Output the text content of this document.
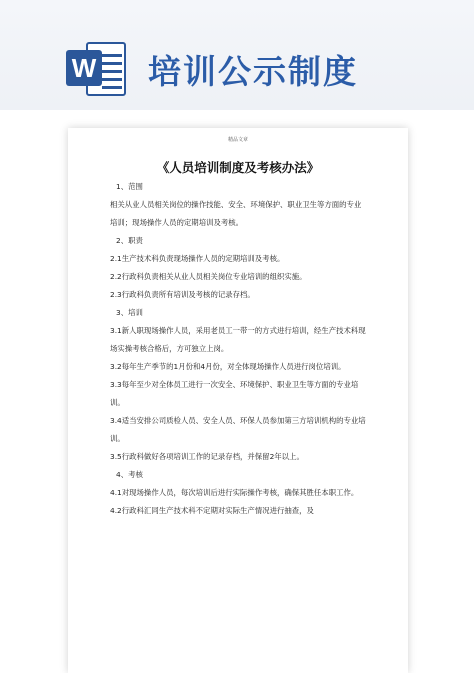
W 培训公示制度
精品文章
《人员培训制度及考核办法》

1、范围

相关从业人员相关岗位的操作技能、安全、环境保护、职业卫生等方面的专业培训；现场操作人员的定期培训及考核。

2、职责

2.1生产技术科负责现场操作人员的定期培训及考核。

2.2行政科负责相关从业人员相关岗位专业培训的组织实施。

2.3行政科负责所有培训及考核的记录存档。

3、培训

3.1新人职现场操作人员，采用老员工一带一的方式进行培训，经生产技术科现场实操考核合格后，方可独立上岗。

3.2每年生产季节的1月份和4月份，对全体现场操作人员进行岗位培训。

3.3每年至少对全体员工进行一次安全、环境保护、职业卫生等方面的专业培训。

3.4适当安排公司质检人员、安全人员、环保人员参加第三方培训机构的专业培训。

3.5行政科做好各项培训工作的记录存档，并保留2年以上。

4、考核

4.1对现场操作人员，每次培训后进行实际操作考核，确保其胜任本职工作。

4.2行政科汇同生产技术科不定期对实际生产情况进行抽查，及
